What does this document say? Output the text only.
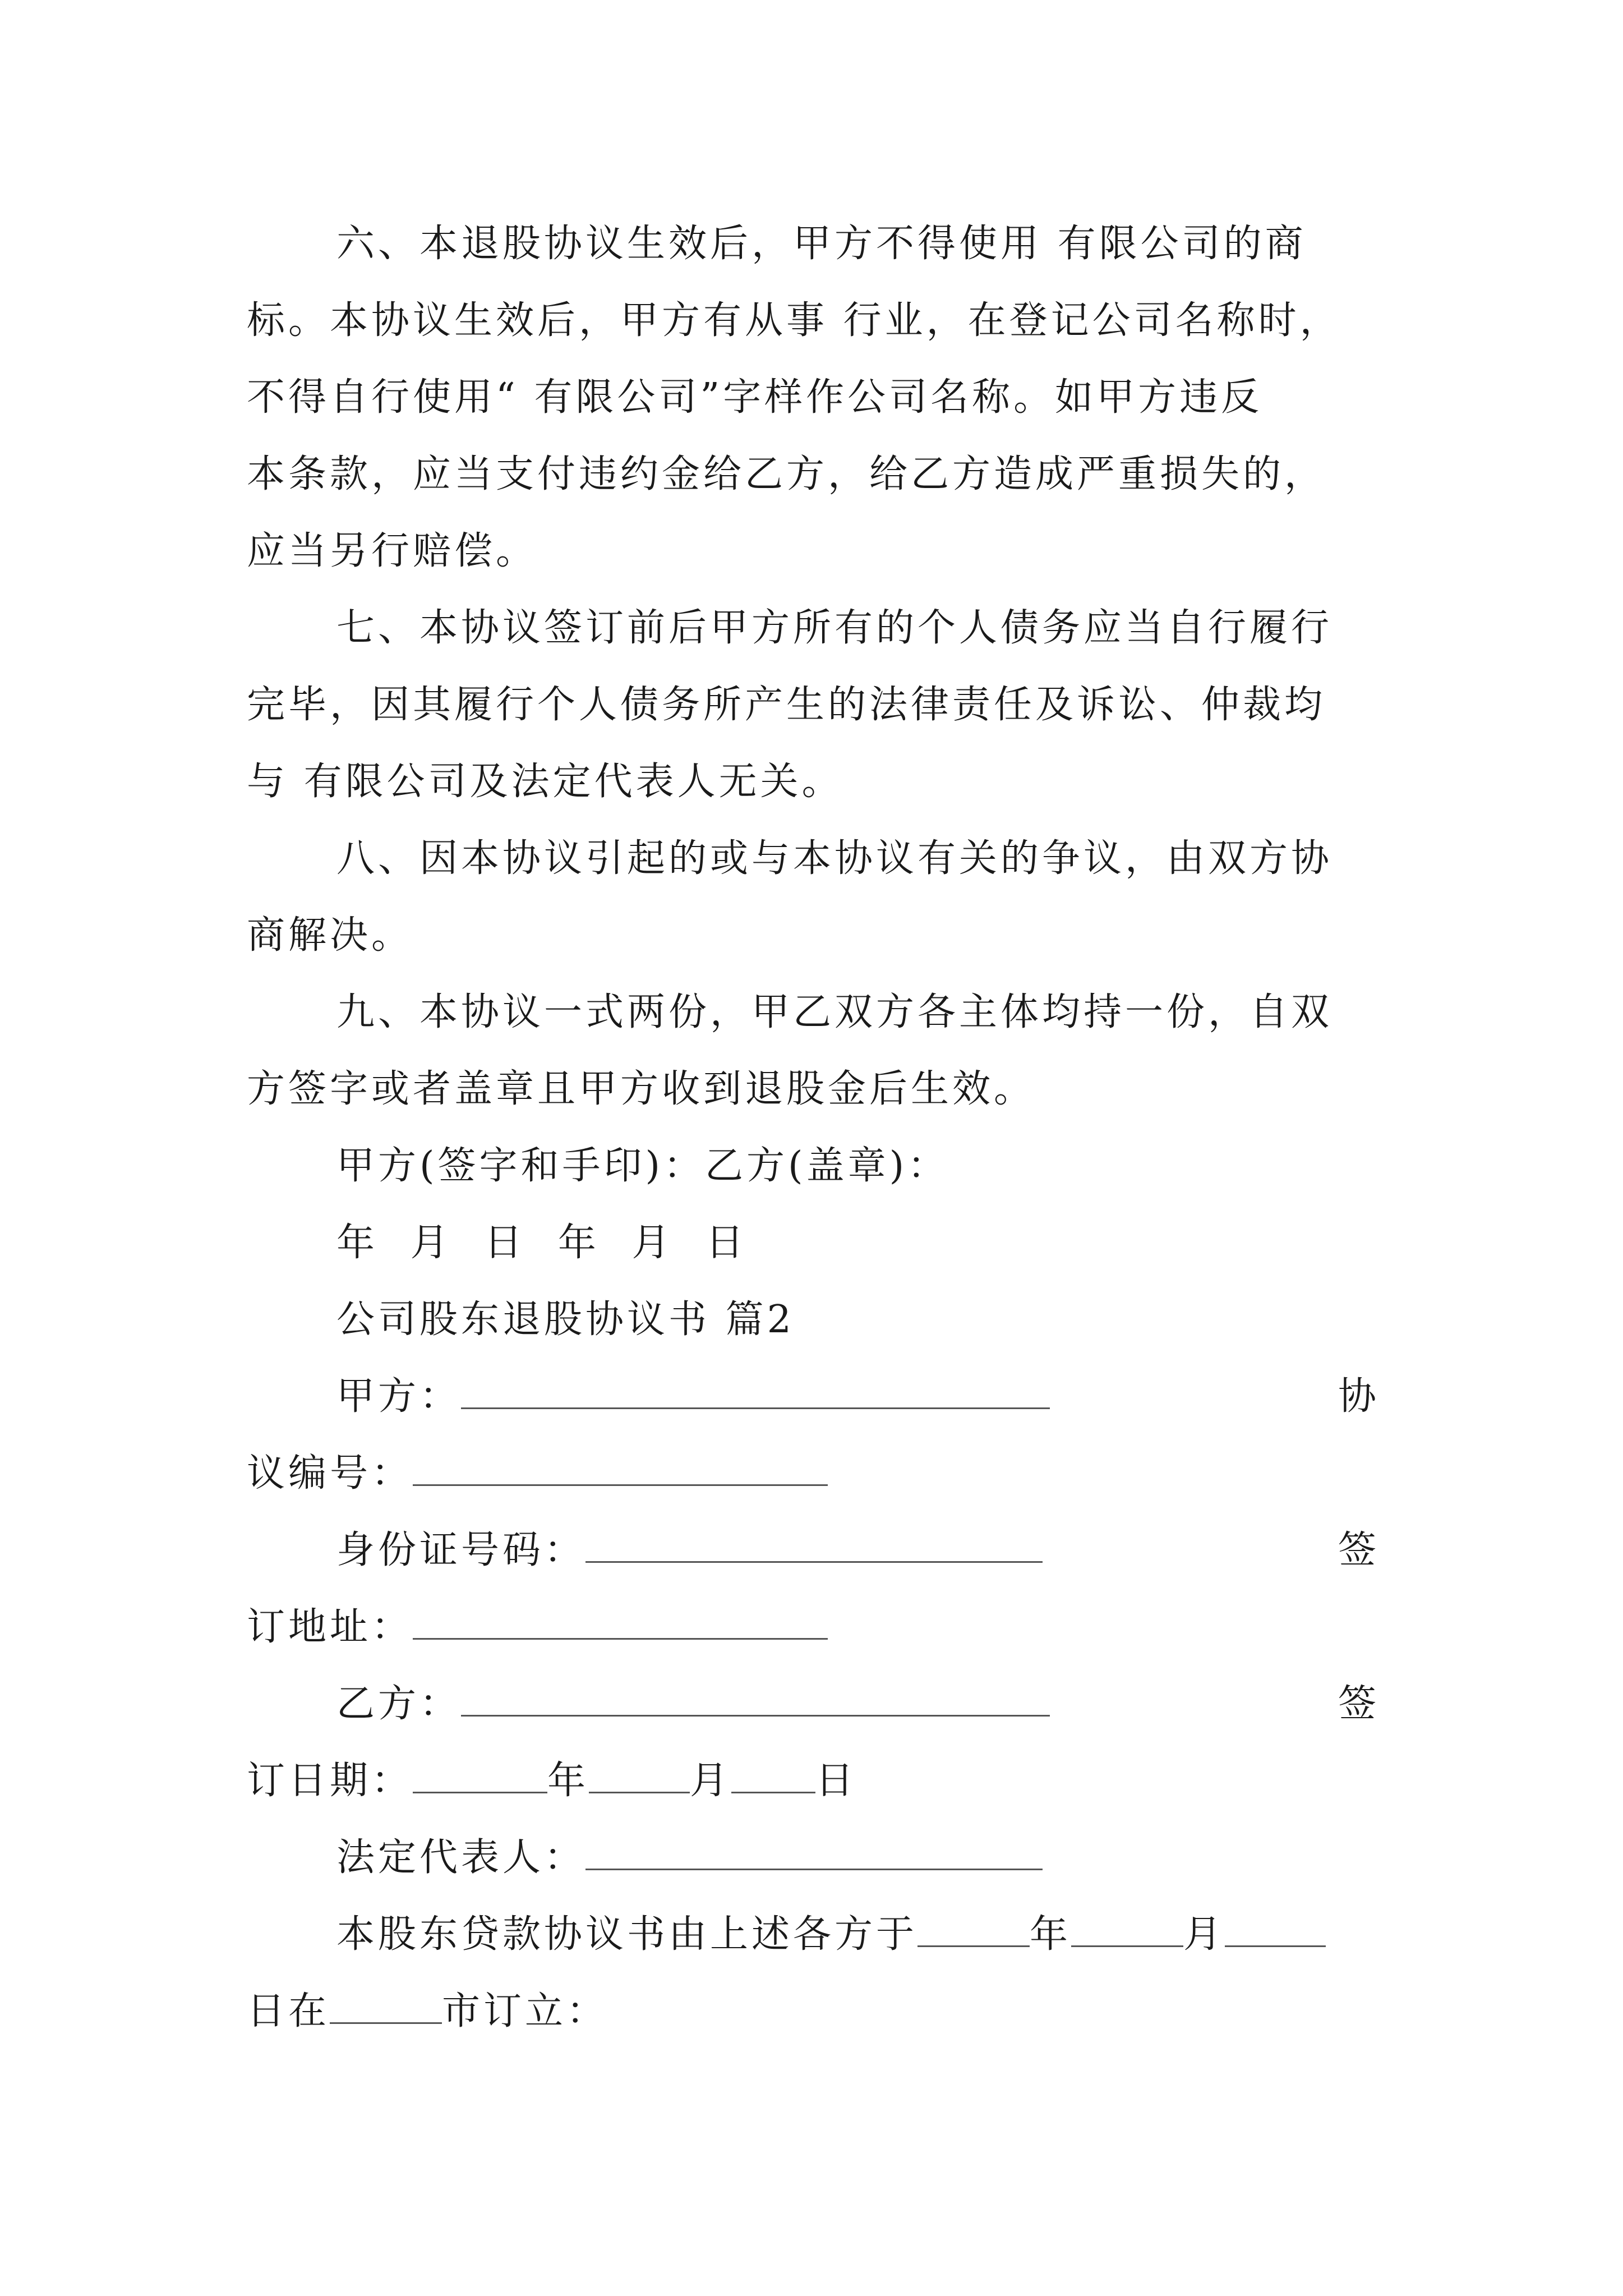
六、本退股协议生效后，甲方不得使用 有限公司的商
标。本协议生效后，甲方有从事 行业，在登记公司名称时，
不得自行使用“ 有限公司”字样作公司名称。如甲方违反
本条款，应当支付违约金给乙方，给乙方造成严重损失的，
应当另行赔偿。
七、本协议签订前后甲方所有的个人债务应当自行履行
完毕，因其履行个人债务所产生的法律责任及诉讼、仲裁均
与 有限公司及法定代表人无关。
八、因本协议引起的或与本协议有关的争议，由双方协
商解决。
九、本协议一式两份，甲乙双方各主体均持一份，自双
方签字或者盖章且甲方收到退股金后生效。
甲方(签字和手印)：乙方(盖章)：
年 月 日 年 月 日
公司股东退股协议书 篇2
甲方：	协
议编号：
身份证号码：	签
订地址：
乙方：	签
订日期：	年	月 日
法定代表人：
本股东贷款协议书由上述各方于	年	月
日在	市订立：
